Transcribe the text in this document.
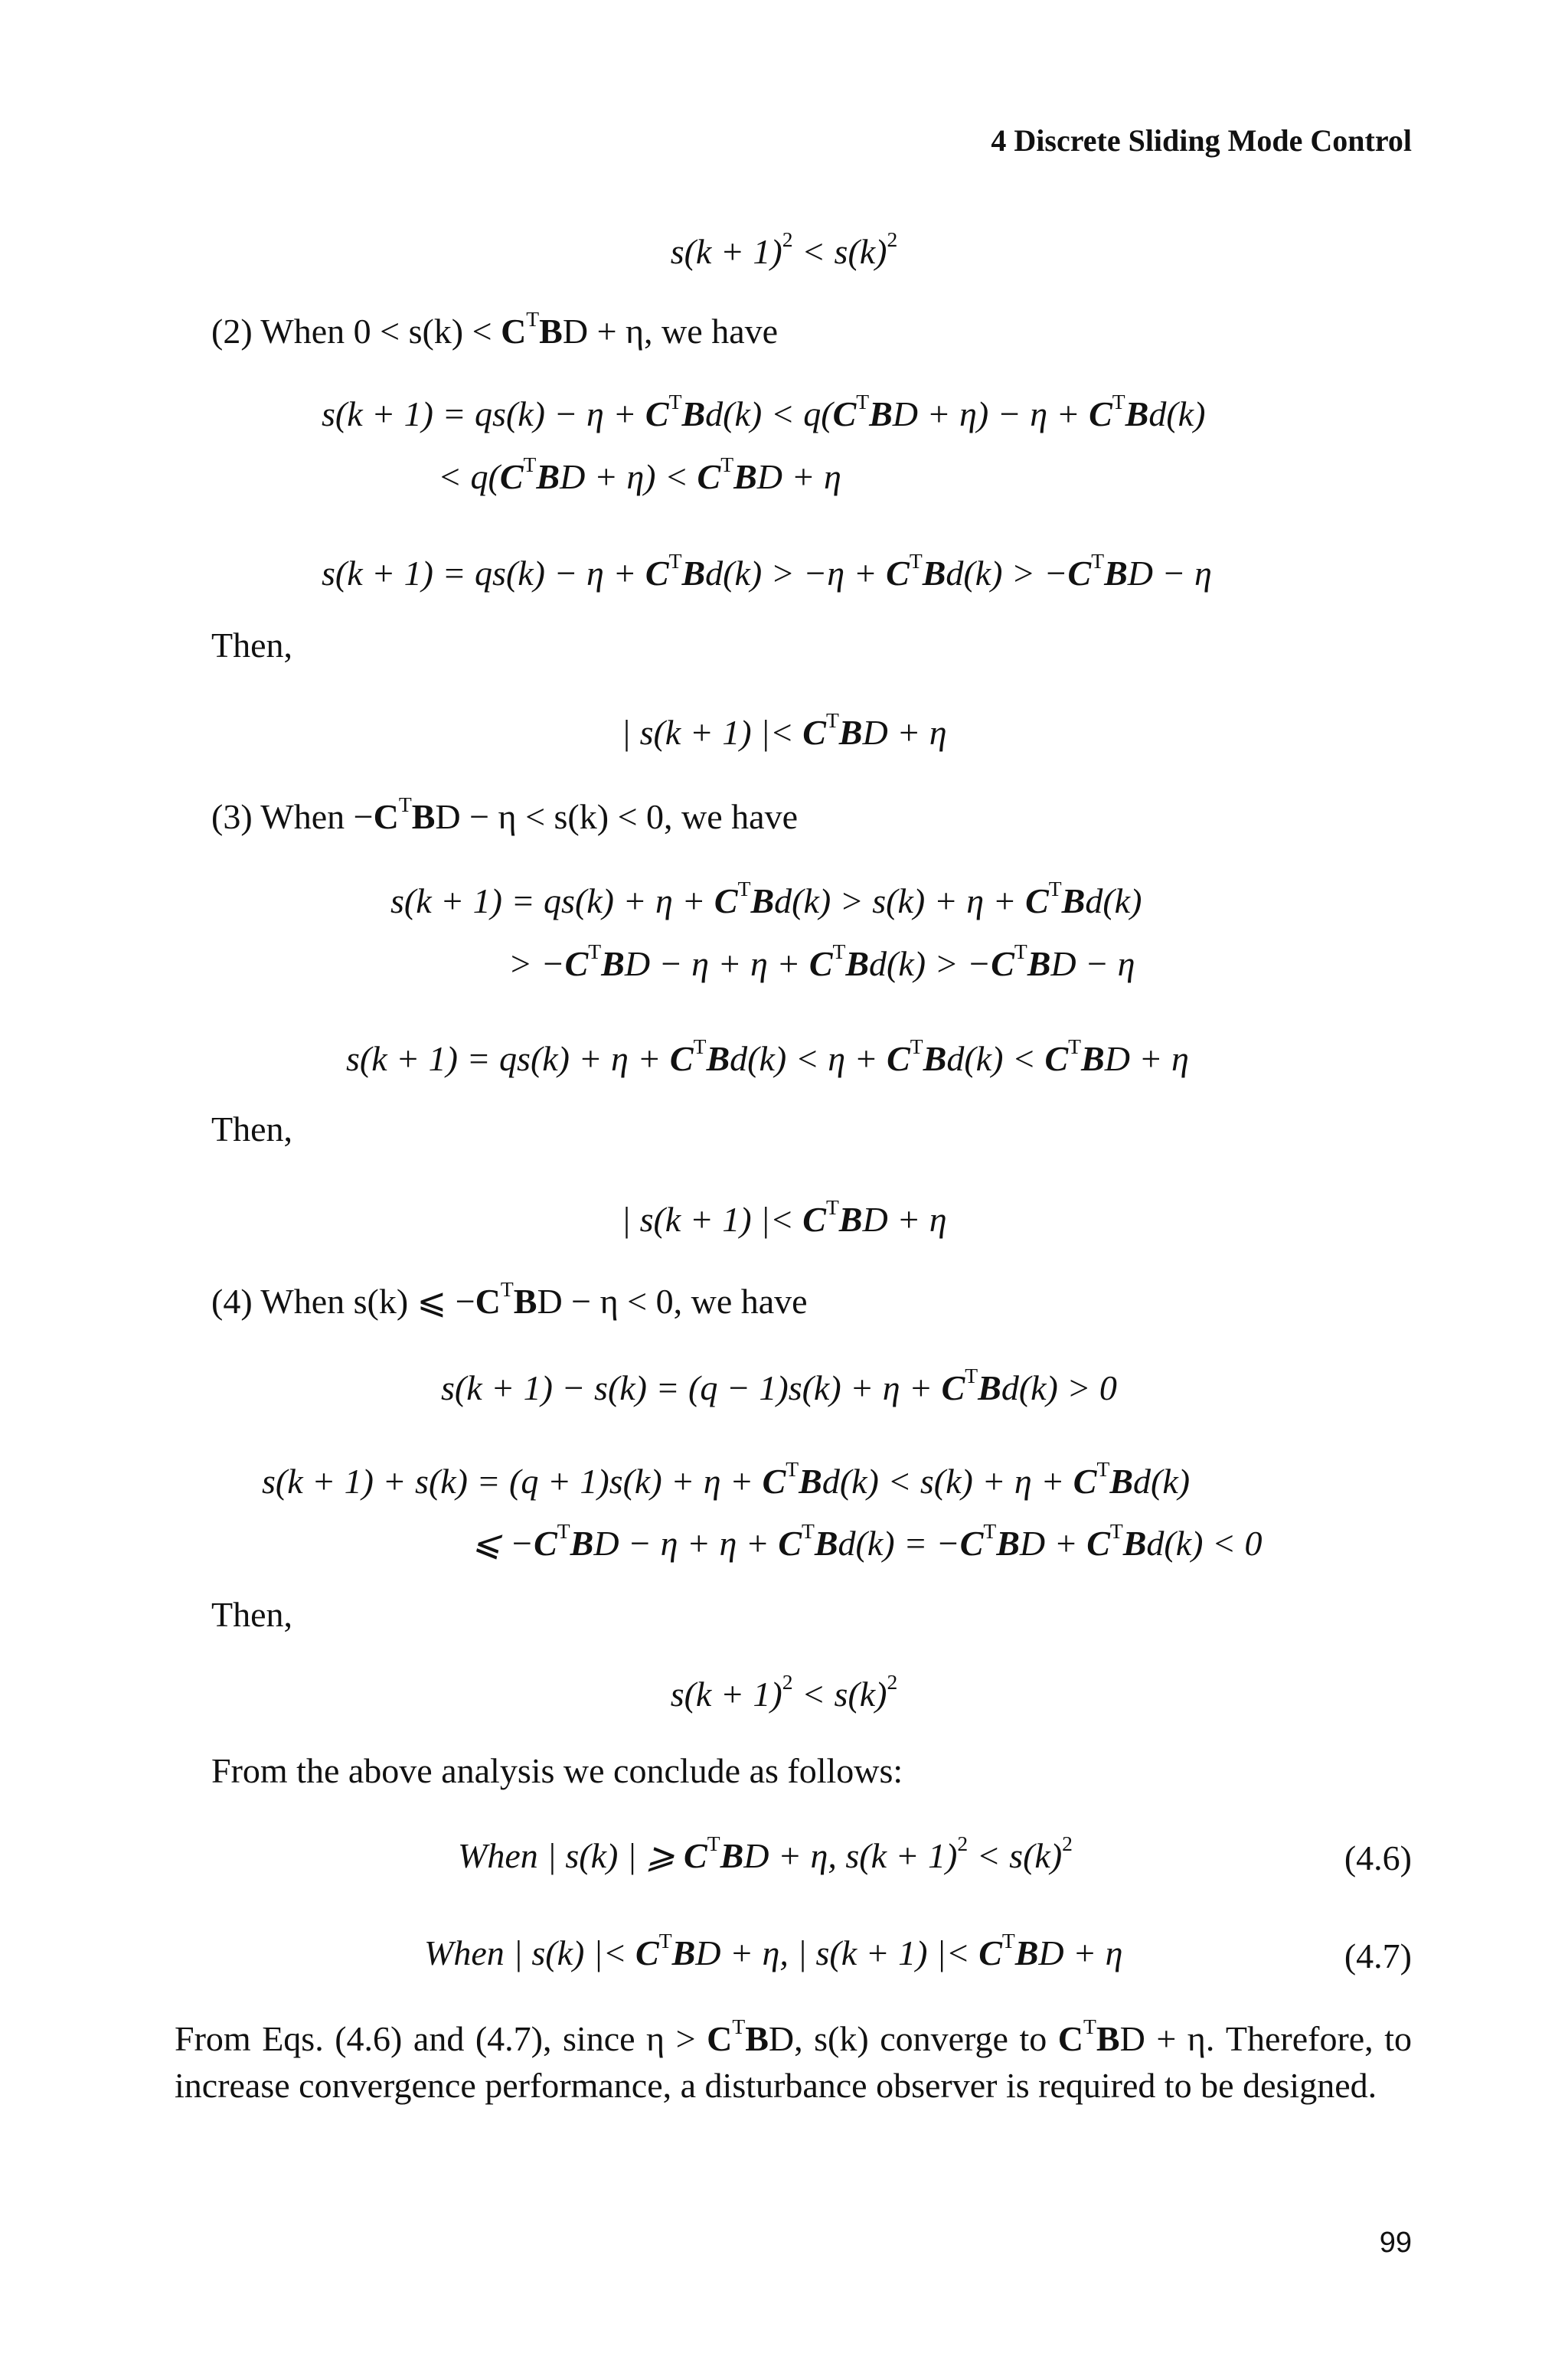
4 Discrete Sliding Mode Control
$s(k + 1)^2 < s(k)^2$
(2) When $0 < s(k) < C^TBD + \eta$, we have
$s(k + 1) = qs(k) - \eta + C^TBd(k) < q(C^TBD + \eta) - \eta + C^TBd(k)$
< $q(C^TBD + \eta) < C^TBD + \eta$
$s(k + 1) = qs(k) - \eta + C^TBd(k) > -\eta + C^TBd(k) > -C^TBD - \eta$
Then,
| s(k + 1) |< $C^TBD + \eta$
(3) When $-C^TBD - \eta < s(k) < 0$, we have
$s(k + 1) = qs(k) + \eta + C^TBd(k) > s(k) + \eta + C^TBd(k)$
> $-C^TBD - \eta + \eta + C^TBd(k) > -C^TBD - \eta$
$s(k + 1) = qs(k) + \eta + C^TBd(k) < \eta + C^TBd(k) < C^TBD + \eta$
Then,
| s(k + 1) |< $C^TBD + \eta$
(4) When s(k) ⩽ $-C^TBD - \eta < 0$, we have
$s(k + 1) - s(k) = (q - 1)s(k) + \eta + C^TBd(k) > 0$
$s(k + 1) + s(k) = (q + 1)s(k) + \eta + C^TBd(k) < s(k) + \eta + C^TBd(k)$
⩽ $-C^TBD - \eta + \eta + C^TBd(k) = -C^TBD + C^TBd(k) < 0$
Then,
$s(k + 1)^2 < s(k)^2$
From the above analysis we conclude as follows:
When | s(k) | ⩾ $C^TBD + \eta$, $s(k + 1)^2 < s(k)^2$	(4.6)
When | s(k) |< $C^TBD + \eta$, | s(k + 1) |< $C^TBD + \eta$	(4.7)
From Eqs. (4.6) and (4.7), since $\eta > C^TBD$, s(k) converge to $C^TBD + \eta$. Therefore, to increase convergence performance, a disturbance observer is required to be designed.
99
